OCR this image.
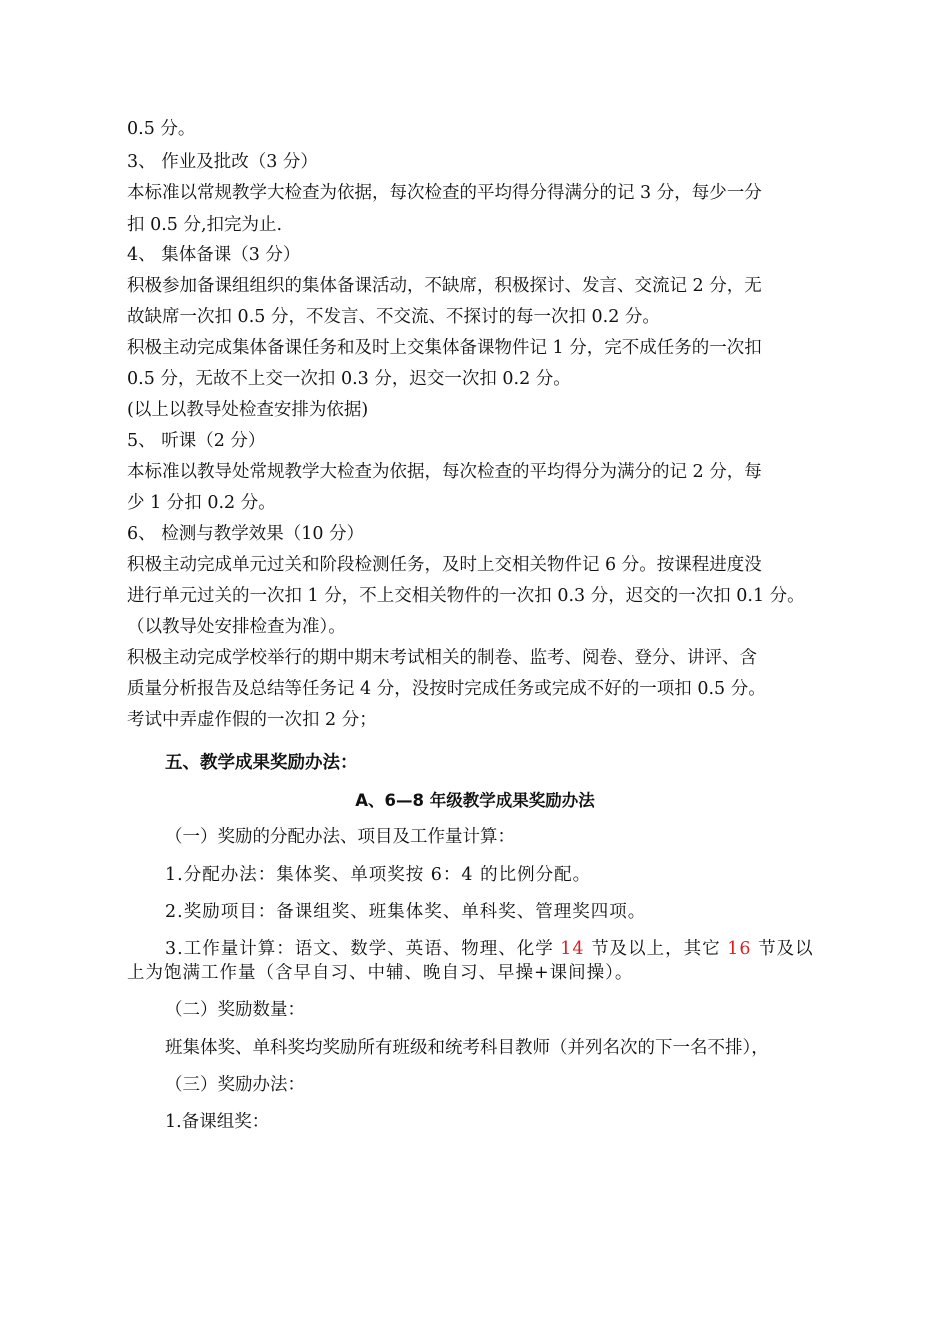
0.5 分。
3、 作业及批改（3 分）
本标准以常规教学大检查为依据，每次检查的平均得分得满分的记 3 分，每少一分
扣 0.5 分,扣完为止.
4、 集体备课（3 分）
积极参加备课组组织的集体备课活动，不缺席，积极探讨、发言、交流记 2 分，无
故缺席一次扣 0.5 分，不发言、不交流、不探讨的每一次扣 0.2 分。
积极主动完成集体备课任务和及时上交集体备课物件记 1 分，完不成任务的一次扣
0.5 分，无故不上交一次扣 0.3 分，迟交一次扣 0.2 分。
(以上以教导处检查安排为依据)
5、 听课（2 分）
本标准以教导处常规教学大检查为依据，每次检查的平均得分为满分的记 2 分，每
少 1 分扣 0.2 分。
6、 检测与教学效果（10 分）
积极主动完成单元过关和阶段检测任务，及时上交相关物件记 6 分。按课程进度没
进行单元过关的一次扣 1 分，不上交相关物件的一次扣 0.3 分，迟交的一次扣 0.1 分。
（以教导处安排检查为准）。
积极主动完成学校举行的期中期末考试相关的制卷、监考、阅卷、登分、讲评、含
质量分析报告及总结等任务记 4 分，没按时完成任务或完成不好的一项扣 0.5 分。
考试中弄虚作假的一次扣 2 分；
五、教学成果奖励办法：
A、6—8 年级教学成果奖励办法
（一）奖励的分配办法、项目及工作量计算：
1.分配办法：集体奖、单项奖按 6：4 的比例分配。
2.奖励项目：备课组奖、班集体奖、单科奖、管理奖四项。
3.工作量计算：语文、数学、英语、物理、化学 14 节及以上，其它 16 节及以
上为饱满工作量（含早自习、中辅、晚自习、早操+课间操）。
（二）奖励数量：
班集体奖、单科奖均奖励所有班级和统考科目教师（并列名次的下一名不排），
（三）奖励办法：
1.备课组奖：
